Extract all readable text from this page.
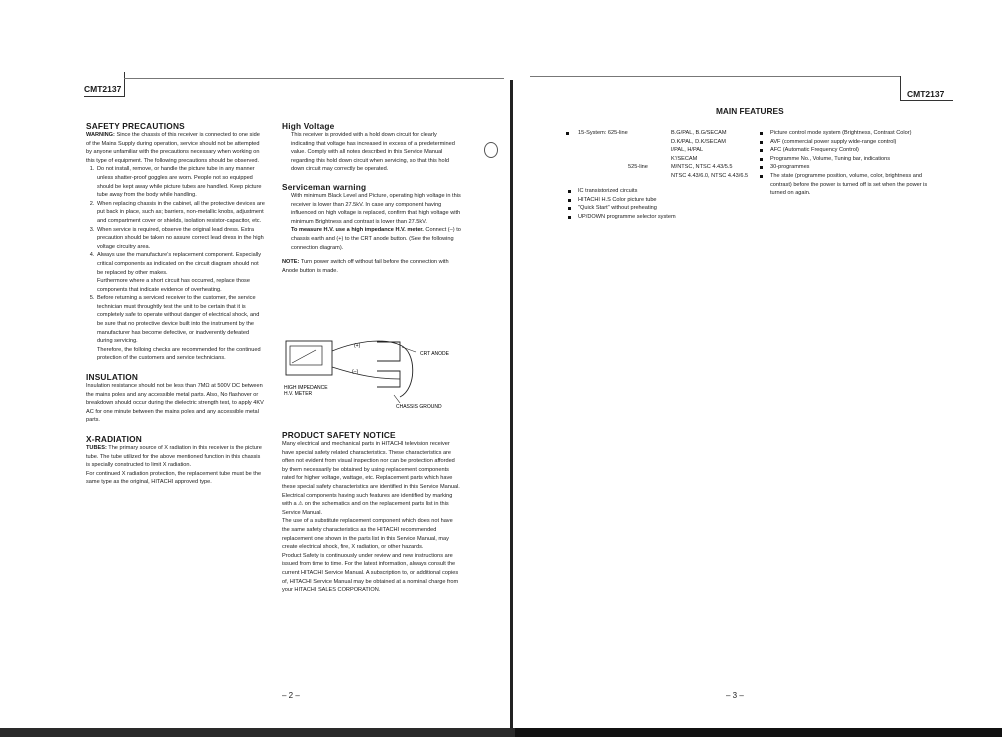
CMT2137
SAFETY PRECAUTIONS

WARNING: Since the chassis of this receiver is connected to one side of the Mains Supply during operation, service should not be attempted by anyone unfamiliar with the precautions necessary when working on this type of equipment. The following precautions should be observed.

1. Do not install, remove, or handle the picture tube in any manner unless shatter-proof goggles are worn. People not so equipped should be kept away while picture tubes are handled. Keep picture tube away from the body while handling.
2. When replacing chassis in the cabinet, all the protective devices are put back in place, such as; barriers, non-metallic knobs, adjustment and compartment cover or shields, isolation resistor-capacitor, etc.
3. When service is required, observe the original lead dress. Extra precaution should be taken no assure correct lead dress in the high voltage circuitry area.
4. Always use the manufacture's replacement component. Especially critical components as indicated on the circuit diagram should not be replaced by other makes.
Furthermore where a short circuit has occurred, replace those components that indicate evidence of overheating.
5. Before returning a serviced receiver to the customer, the service technician must throughtly test the unit to be certain that it is completely safe to operate without danger of electrical shock, and be sure that no protective device built into the instrument by the manufacturer has become defective, or inadverently defeated during servicing.
Therefore, the folloing checks are recommended for the continued protection of the customers and service technicians.
INSULATION

Insulation resistance should not be less than 7MΩ at 500V DC between the mains poles and any accessible metal parts. Also, No flashover or breakdown should occur during the dielectric strength test, to apply 4KV AC for one minute between the mains poles and any accessible metal parts.

X-RADIATION

TUBES: The primary source of X radiation in this receiver is the picture tube. The tube utilized for the above mentioned function in this chassis is specially constructed to limit X radiation.

For continued X radiation protection, the replacement tube must be the same type as the original, HITACHI approved type.

High Voltage

This receiver is provided with a hold down circuit for clearly indicating that voltage has increased in excess of a predetermined value. Comply with all notes described in this Service Manual regarding this hold down circuit when servicing, so that this hold down circuit may correctly be operated.

Serviceman warning

With minimum Black Level and Picture, operating high voltage in this receiver is lower than 27.5kV. In case any component having influenced on high voltage is replaced, confirm that high voltage with minimum Brightness and contrast is lower than 27.5kV.

To measure H.V. use a high impedance H.V. meter. Connect (–) to chassis earth and (+) to the CRT anode button. (See the following connection diagram).

NOTE: Turn power switch off without fail before the connection with Anode button is made.

(+)
(–)
CRT ANODE
HIGH IMPEDANCE
H.V. METER
CHASSIS GROUND
PRODUCT SAFETY NOTICE

Many electrical and mechanical parts in HITACHI television receiver have special safety related characteristics. These characteristics are often not evident from visual inspection nor can be protection afforded by them necessarily be obtained by using replacement components rated for higher voltage, wattage, etc. Replacement parts which have these special safety characteristics are identified in this Service Manual. Electrical components having such features are identified by marking with a ⚠ on the schematics and on the replacement parts list in this Service Manual.

The use of a substitute replacement component which does not have the same safety characteristics as the HITACHI recommended replacement one shown in the parts list in this Service Manual, may create electrical shock, fire, X radiation, or other hazards.

Product Safety is continuously under review and new instructions are issued from time to time. For the latest information, always consult the current HITACHI Service Manual. A subscription to, or additional copies of, HITACHI Service Manual may be obtained at a nominal charge from your HITACHI SALES CORPORATION.

– 2 –
CMT2137
MAIN FEATURES
15-System: 625-line	B.G/PAL, B.G/SECAM
D.K/PAL, D.K/SECAM
I/PAL, H/PAL
K'/SECAM
525-line	M/NTSC, NTSC 4.43/5.5
NTSC 4.43/6.0, NTSC 4.43/6.5
IC transistorized circuits
HITACHI H.S Color picture tube
"Quick Start" without preheating
UP/DOWN programme selector system
Picture control mode system (Brightness, Contrast Color)
AVF (commercial power supply wide-range control)
AFC (Automatic Frequency Control)
Programme No., Volume, Tuning bar, indications
30-programmes
The state (programme position, volume, color, brightness and contrast) before the power is turned off is set when the power is turned on again.
– 3 –
